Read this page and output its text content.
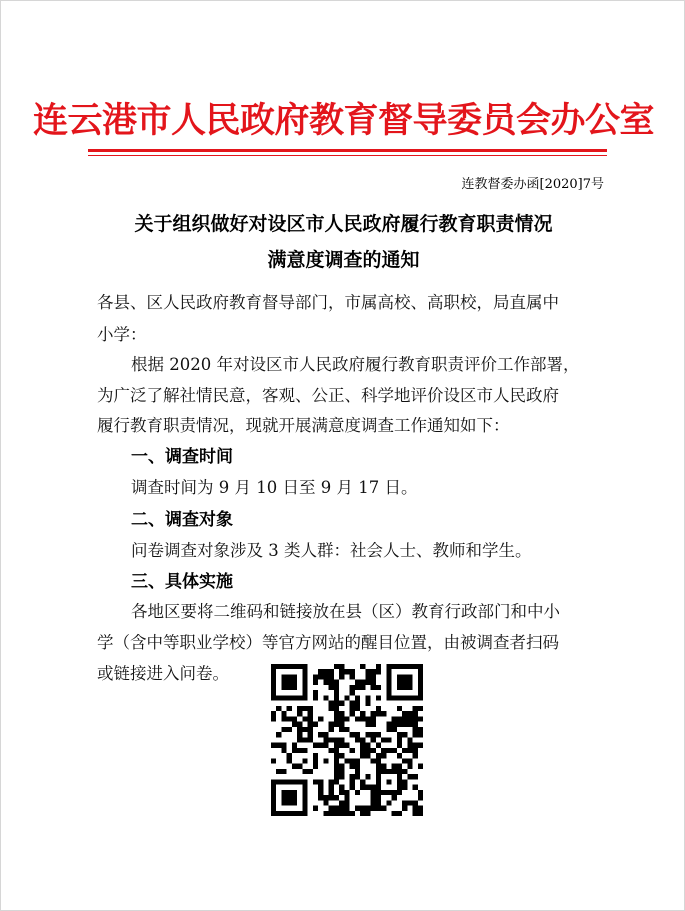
连云港市人民政府教育督导委员会办公室
连教督委办函[2020]7号
关于组织做好对设区市人民政府履行教育职责情况
满意度调查的通知
各县、区人民政府教育督导部门，市属高校、高职校，局直属中
小学：
根据 2020 年对设区市人民政府履行教育职责评价工作部署，
为广泛了解社情民意，客观、公正、科学地评价设区市人民政府
履行教育职责情况，现就开展满意度调查工作通知如下：
一、调查时间
调查时间为 9 月 10 日至 9 月 17 日。
二、调查对象
问卷调查对象涉及 3 类人群：社会人士、教师和学生。
三、具体实施
各地区要将二维码和链接放在县（区）教育行政部门和中小
学（含中等职业学校）等官方网站的醒目位置，由被调查者扫码
或链接进入问卷。
